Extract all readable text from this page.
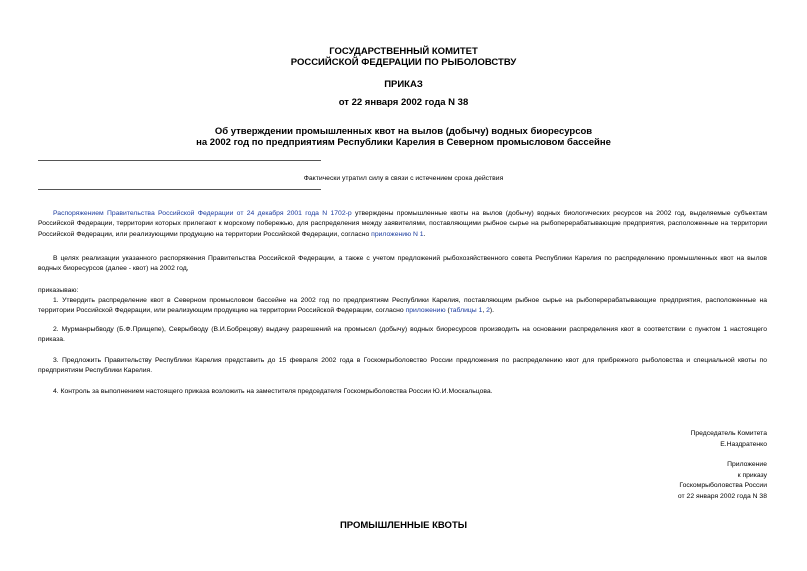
ГОСУДАРСТВЕННЫЙ КОМИТЕТ
РОССИЙСКОЙ ФЕДЕРАЦИИ ПО РЫБОЛОВСТВУ
ПРИКАЗ
от 22 января 2002 года N 38
Об утверждении промышленных квот на вылов (добычу) водных биоресурсов
на 2002 год по предприятиям Республики Карелия в Северном промысловом бассейне
Фактически утратил силу в связи с истечением срока действия
Распоряжением Правительства Российской Федерации от 24 декабря 2001 года N 1702-р утверждены промышленные квоты на вылов (добычу) водных биологических ресурсов на 2002 год, выделяемые субъектам Российской Федерации, территории которых прилегают к морскому побережью, для распределения между заявителями, поставляющими рыбное сырье на рыбоперерабатывающие предприятия, расположенные на территории Российской Федерации, или реализующими продукцию на территории Российской Федерации, согласно приложению N 1.
В целях реализации указанного распоряжения Правительства Российской Федерации, а также с учетом предложений рыбохозяйственного совета Республики Карелия по распределению промышленных квот на вылов водных биоресурсов (далее - квот) на 2002 год,
приказываю:
1. Утвердить распределение квот в Северном промысловом бассейне на 2002 год по предприятиям Республики Карелия, поставляющим рыбное сырье на рыбоперерабатывающие предприятия, расположенные на территории Российской Федерации, или реализующим продукцию на территории Российской Федерации, согласно приложению (таблицы 1, 2).
2. Мурманрыбводу (Б.Ф.Прищепе), Севрыбводу (В.И.Бобрецову) выдачу разрешений на промысел (добычу) водных биоресурсов производить на основании распределения квот в соответствии с пунктом 1 настоящего приказа.
3. Предложить Правительству Республики Карелия представить до 15 февраля 2002 года в Госкомрыболовство России предложения по распределению квот для прибрежного рыболовства и специальной квоты по предприятиям Республики Карелия.
4. Контроль за выполнением настоящего приказа возложить на заместителя председателя Госкомрыболовства России Ю.И.Москальцова.
Председатель Комитета
Е.Наздратенко
Приложение
к приказу
Госкомрыболовства России
от 22 января 2002 года N 38
ПРОМЫШЛЕННЫЕ КВОТЫ
